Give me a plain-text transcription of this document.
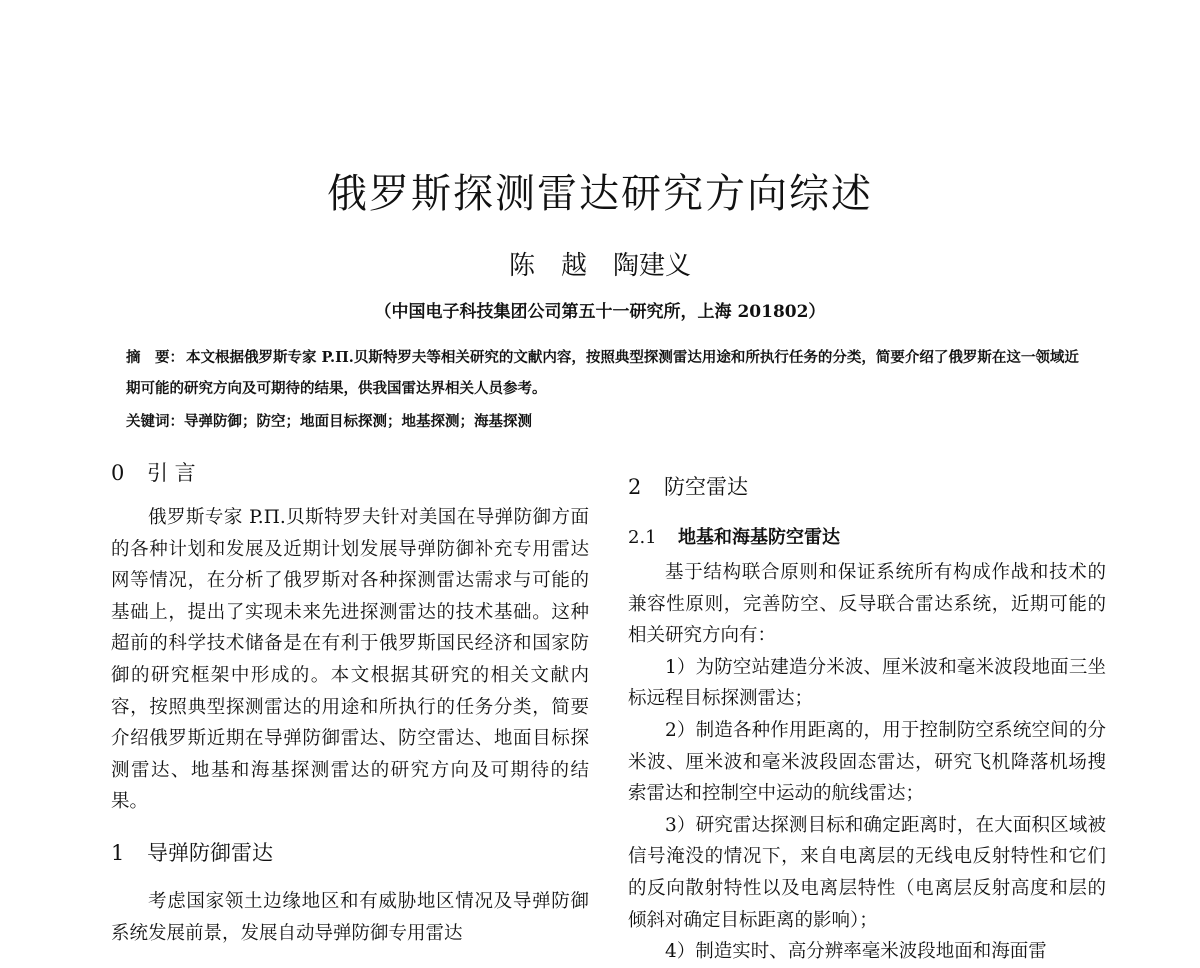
俄罗斯探测雷达研究方向综述
陈　越　陶建义
（中国电子科技集团公司第五十一研究所，上海 201802）
摘　要： 本文根据俄罗斯专家 P.П.贝斯特罗夫等相关研究的文献内容，按照典型探测雷达用途和所执行任务的分类，简要介绍了俄罗斯在这一领域近期可能的研究方向及可期待的结果，供我国雷达界相关人员参考。
关键词：导弹防御；防空；地面目标探测；地基探测；海基探测
0 引 言

俄罗斯专家 P.П.贝斯特罗夫针对美国在导弹防御方面的各种计划和发展及近期计划发展导弹防御补充专用雷达网等情况，在分析了俄罗斯对各种探测雷达需求与可能的基础上，提出了实现未来先进探测雷达的技术基础。这种超前的科学技术储备是在有利于俄罗斯国民经济和国家防御的研究框架中形成的。本文根据其研究的相关文献内容，按照典型探测雷达的用途和所执行的任务分类，简要介绍俄罗斯近期在导弹防御雷达、防空雷达、地面目标探测雷达、地基和海基探测雷达的研究方向及可期待的结果。

1 导弹防御雷达

考虑国家领土边缘地区和有威胁地区情况及导弹防御系统发展前景，发展自动导弹防御专用雷达

2 防空雷达
2.1 地基和海基防空雷达

基于结构联合原则和保证系统所有构成作战和技术的兼容性原则，完善防空、反导联合雷达系统，近期可能的相关研究方向有：

1）为防空站建造分米波、厘米波和毫米波段地面三坐标远程目标探测雷达；

2）制造各种作用距离的，用于控制防空系统空间的分米波、厘米波和毫米波段固态雷达，研究飞机降落机场搜索雷达和控制空中运动的航线雷达；

3）研究雷达探测目标和确定距离时，在大面积区域被信号淹没的情况下，来自电离层的无线电反射特性和它们的反向散射特性以及电离层特性（电离层反射高度和层的倾斜对确定目标距离的影响）；

4）制造实时、高分辨率毫米波段地面和海面雷
